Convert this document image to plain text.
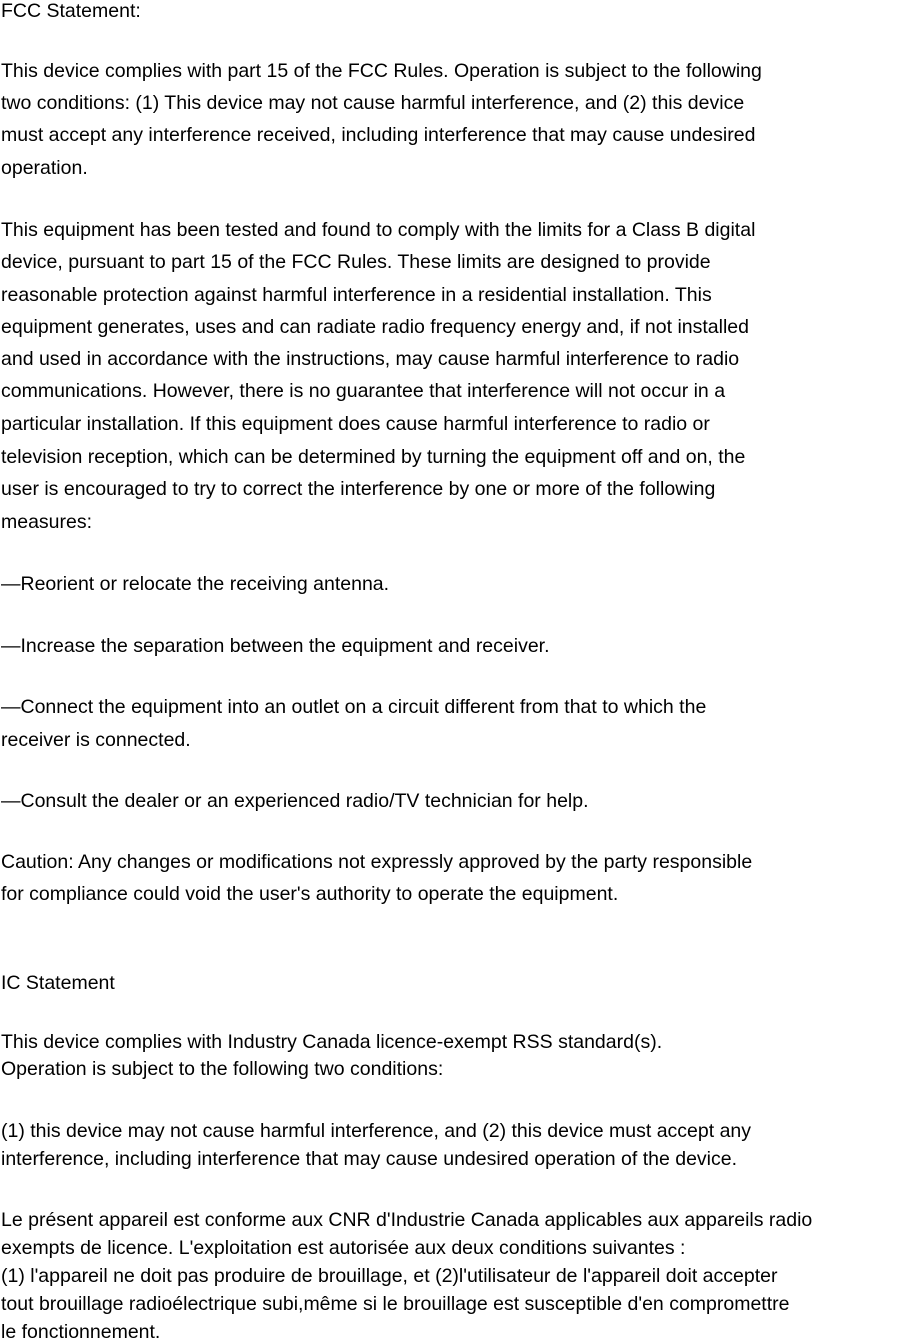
FCC Statement:

This device complies with part 15 of the FCC Rules. Operation is subject to the following

two conditions: (1) This device may not cause harmful interference, and (2) this device

must accept any interference received, including interference that may cause undesired

operation.

This equipment has been tested and found to comply with the limits for a Class B digital

device, pursuant to part 15 of the FCC Rules. These limits are designed to provide

reasonable protection against harmful interference in a residential installation. This

equipment generates, uses and can radiate radio frequency energy and, if not installed

and used in accordance with the instructions, may cause harmful interference to radio

communications. However, there is no guarantee that interference will not occur in a

particular installation. If this equipment does cause harmful interference to radio or

television reception, which can be determined by turning the equipment off and on, the

user is encouraged to try to correct the interference by one or more of the following

measures:

—Reorient or relocate the receiving antenna.

—Increase the separation between the equipment and receiver.

—Connect the equipment into an outlet on a circuit different from that to which the

receiver is connected.

—Consult the dealer or an experienced radio/TV technician for help.

Caution: Any changes or modifications not expressly approved by the party responsible

for compliance could void the user's authority to operate the equipment.

IC Statement

This device complies with Industry Canada licence-exempt RSS standard(s).

Operation is subject to the following two conditions:

(1) this device may not cause harmful interference, and (2) this device must accept any

interference, including interference that may cause undesired operation of the device.

Le présent appareil est conforme aux CNR d'Industrie Canada applicables aux appareils radio

exempts de licence. L'exploitation est autorisée aux deux conditions suivantes :

(1) l'appareil ne doit pas produire de brouillage, et (2)l'utilisateur de l'appareil doit accepter

tout brouillage radioélectrique subi,même si le brouillage est susceptible d'en compromettre

le fonctionnement.
